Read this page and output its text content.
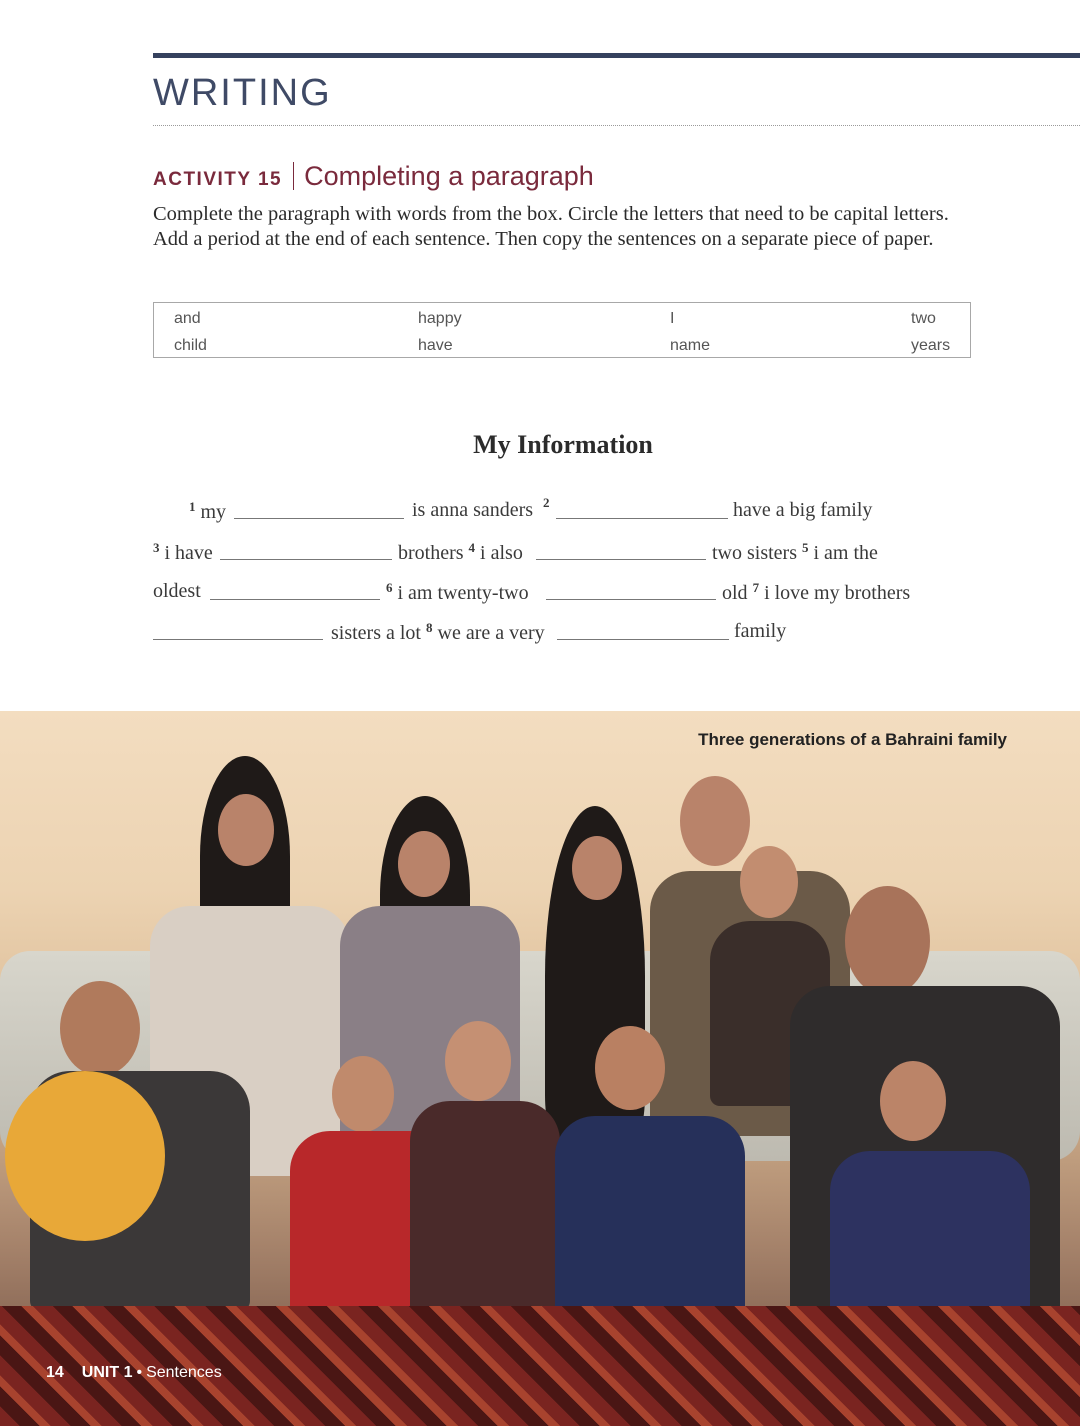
WRITING
ACTIVITY 15 Completing a paragraph

Complete the paragraph with words from the box. Circle the letters that need to be capital letters. Add a period at the end of each sentence. Then copy the sentences on a separate piece of paper.

and	happy	I	two
child	have	name	years
My Information
$^1$ my	is anna sanders 2	have a big family
$^3$ i have	brothers $^4$ i also	two sisters $^5$ i am the
oldest	$^6$ i am twenty-two	old $^7$ i love my brothers
sisters a lot $^8$ we are a very	family
Three generations of a Bahraini family
14 UNIT 1 • Sentences
